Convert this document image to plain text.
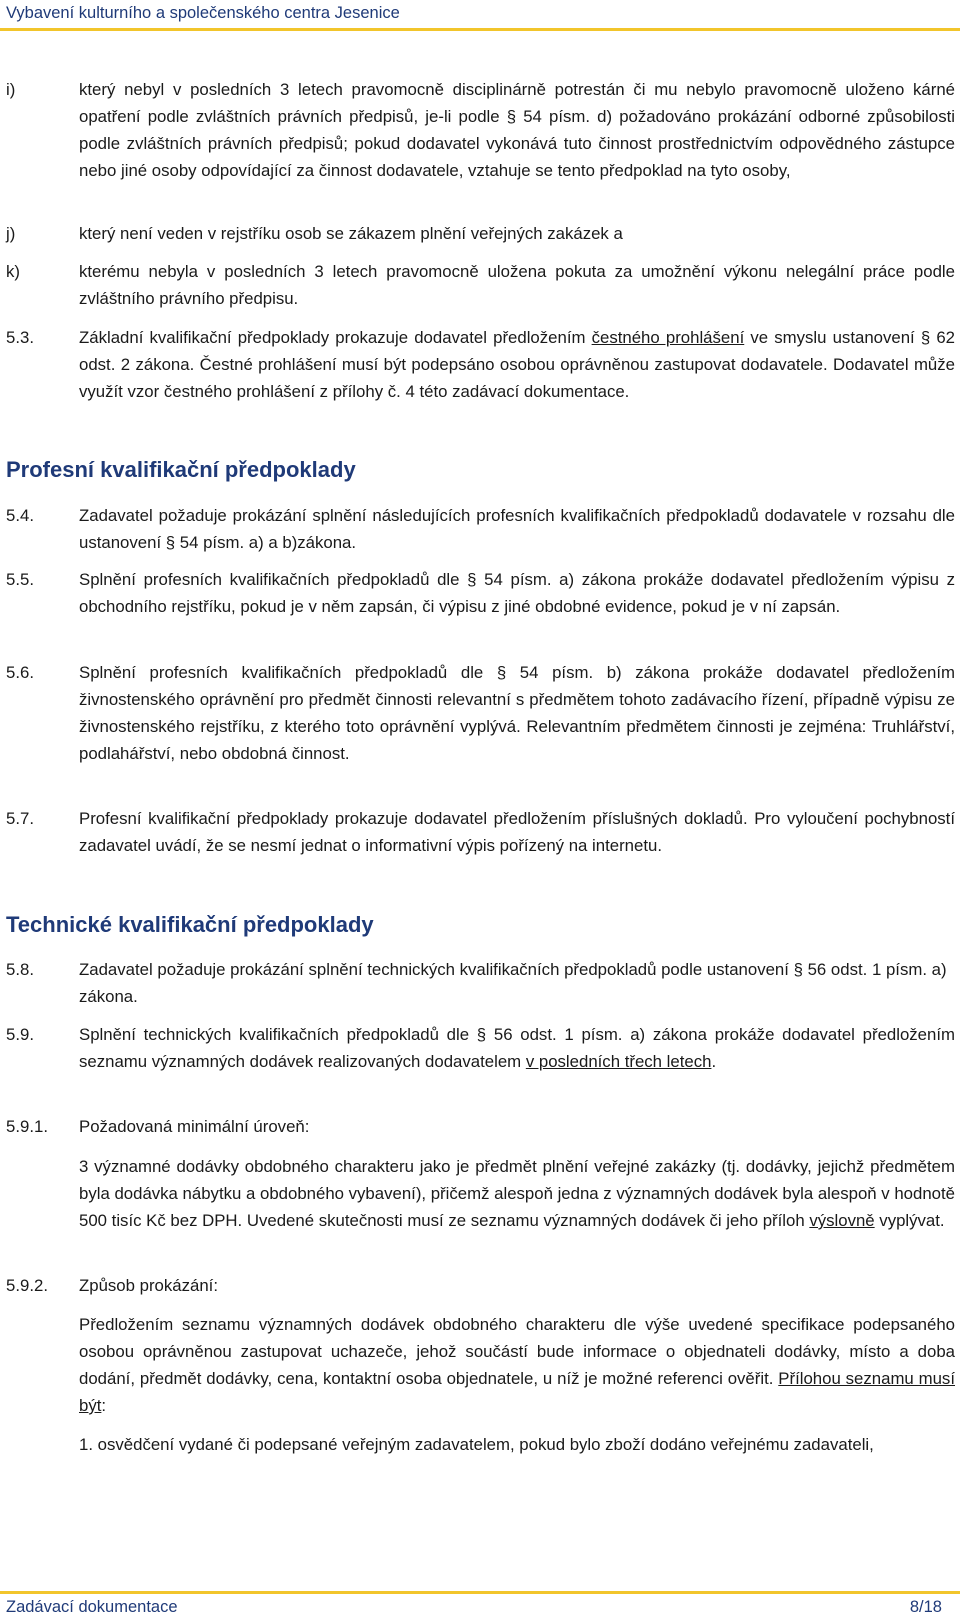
Vybavení kulturního a společenského centra Jesenice
i)	který nebyl v posledních 3 letech pravomocně disciplinárně potrestán či mu nebylo pravomocně uloženo kárné opatření podle zvláštních právních předpisů, je-li podle § 54 písm. d) požadováno prokázání odborné způsobilosti podle zvláštních právních předpisů; pokud dodavatel vykonává tuto činnost prostřednictvím odpovědného zástupce nebo jiné osoby odpovídající za činnost dodavatele, vztahuje se tento předpoklad na tyto osoby,
j)	který není veden v rejstříku osob se zákazem plnění veřejných zakázek a
k)	kterému nebyla v posledních 3 letech pravomocně uložena pokuta za umožnění výkonu nelegální práce podle zvláštního právního předpisu.
5.3.	Základní kvalifikační předpoklady prokazuje dodavatel předložením čestného prohlášení ve smyslu ustanovení § 62 odst. 2 zákona. Čestné prohlášení musí být podepsáno osobou oprávněnou zastupovat dodavatele. Dodavatel může využít vzor čestného prohlášení z přílohy č. 4 této zadávací dokumentace.
Profesní kvalifikační předpoklady
5.4.	Zadavatel požaduje prokázání splnění následujících profesních kvalifikačních předpokladů dodavatele v rozsahu dle ustanovení § 54 písm. a) a b)zákona.
5.5.	Splnění profesních kvalifikačních předpokladů dle § 54 písm. a) zákona prokáže dodavatel předložením výpisu z obchodního rejstříku, pokud je v něm zapsán, či výpisu z jiné obdobné evidence, pokud je v ní zapsán.
5.6.	Splnění profesních kvalifikačních předpokladů dle § 54 písm. b) zákona prokáže dodavatel předložením živnostenského oprávnění pro předmět činnosti relevantní s předmětem tohoto zadávacího řízení, případně výpisu ze živnostenského rejstříku, z kterého toto oprávnění vyplývá. Relevantním předmětem činnosti je zejména: Truhlářství, podlahářství, nebo obdobná činnost.
5.7.	Profesní kvalifikační předpoklady prokazuje dodavatel předložením příslušných dokladů. Pro vyloučení pochybností zadavatel uvádí, že se nesmí jednat o informativní výpis pořízený na internetu.
Technické kvalifikační předpoklady
5.8.	Zadavatel požaduje prokázání splnění technických kvalifikačních předpokladů podle ustanovení § 56 odst. 1 písm. a) zákona.
5.9.	Splnění technických kvalifikačních předpokladů dle § 56 odst. 1 písm. a) zákona prokáže dodavatel předložením seznamu významných dodávek realizovaných dodavatelem v posledních třech letech.
5.9.1. Požadovaná minimální úroveň:
3 významné dodávky obdobného charakteru jako je předmět plnění veřejné zakázky (tj. dodávky, jejichž předmětem byla dodávka nábytku a obdobného vybavení), přičemž alespoň jedna z významných dodávek byla alespoň v hodnotě 500 tisíc Kč bez DPH. Uvedené skutečnosti musí ze seznamu významných dodávek či jeho příloh výslovně vyplývat.
5.9.2. Způsob prokázání:
Předložením seznamu významných dodávek obdobného charakteru dle výše uvedené specifikace podepsaného osobou oprávněnou zastupovat uchazeče, jehož součástí bude informace o objednateli dodávky, místo a doba dodání, předmět dodávky, cena, kontaktní osoba objednatele, u níž je možné referenci ověřit. Přílohou seznamu musí být:
1. osvědčení vydané či podepsané veřejným zadavatelem, pokud bylo zboží dodáno veřejnému zadavateli,
Zadávací dokumentace	8/18
